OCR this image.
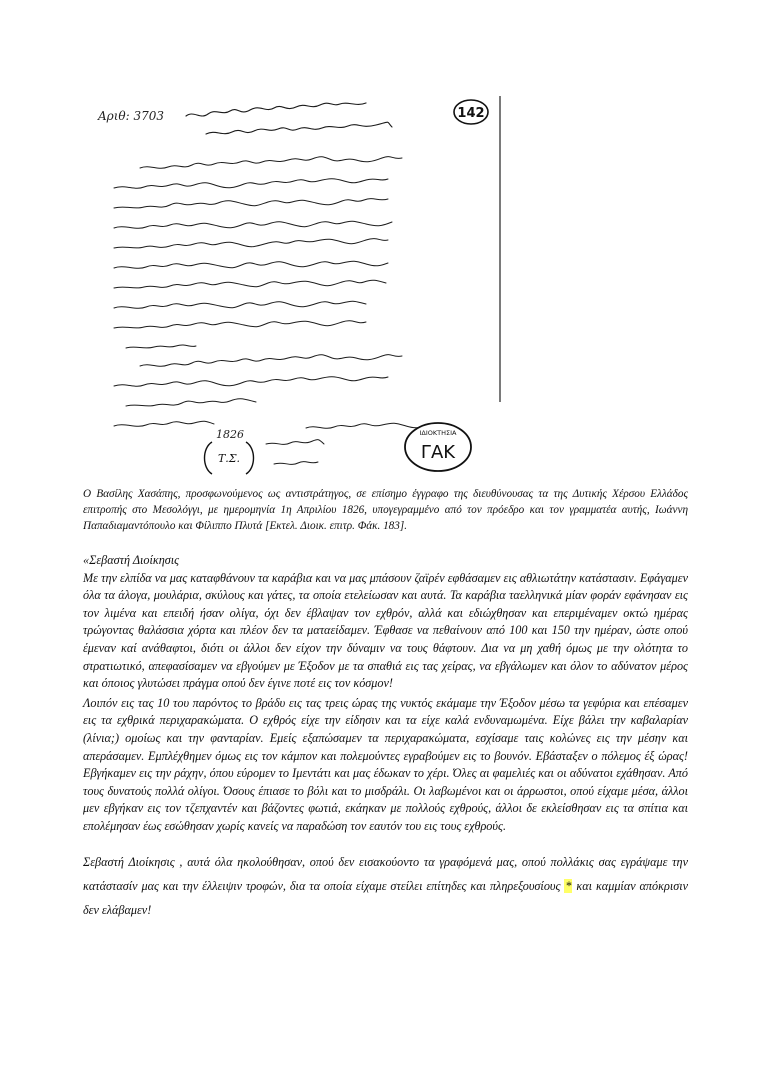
Αριθ: 3703	142
1826
Τ.Σ.
ΙΔΙΟΚΤΗΣΙΑ
ΓΑΚ
Ο Βασίλης Χασάπης, προσφωνούμενος ως αντιστράτηγος, σε επίσημο έγγραφο της διευθύνουσας τα της Δυτικής Χέρσου Ελλάδος επιτροπής στο Μεσολόγγι, με ημερομηνία 1η Απριλίου 1826, υπογεγραμμένο από τον πρόεδρο και τον γραμματέα αυτής, Ιωάννη Παπαδιαμαντόπουλο και Φίλιππο Πλυτά [Εκτελ. Διοικ. επιτρ. Φάκ. 183].

«Σεβαστή Διοίκησις

Με την ελπίδα να μας καταφθάνουν τα καράβια και να μας μπάσουν ζαϊρέν εφθάσαμεν εις αθλιωτάτην κατάστασιν. Εφάγαμεν όλα τα άλογα, μουλάρια, σκύλους και γάτες, τα οποία ετελείωσαν και αυτά. Τα καράβια ταελληνικά μίαν φοράν εφάνησαν εις τον λιμένα και επειδή ήσαν ολίγα, όχι δεν έβλαψαν τον εχθρόν, αλλά και εδιώχθησαν και επεριμέναμεν οκτώ ημέρας τρώγοντας θαλάσσια χόρτα και πλέον δεν τα ματαείδαμεν. Έφθασε να πεθαίνουν από 100 και 150 την ημέραν, ώστε οπού έμεναν καί ανάθαφτοι, διότι οι άλλοι δεν είχον την δύναμιν να τους θάφτουν. Δια να μη χαθή όμως με την ολότητα το στρατιωτικό, απεφασίσαμεν να εβγούμεν με Έξοδον με τα σπαθιά εις τας χείρας, να εβγάλωμεν και όλον το αδύνατον μέρος και όποιος γλυτώσει πράγμα οπού δεν έγινε ποτέ εις τον κόσμον!

Λοιπόν εις τας 10 του παρόντος το βράδυ εις τας τρεις ώρας της νυκτός εκάμαμε την Έξοδον μέσω τα γεφύρια και επέσαμεν εις τα εχθρικά περιχαρακώματα. Ο εχθρός είχε την είδησιν και τα είχε καλά ενδυναμωμένα. Είχε βάλει την καβαλαρίαν (λίνια;) ομοίως και την φανταρίαν. Εμείς εξαπώσαμεν τα περιχαρακώματα, εσχίσαμε ταις κολώνες εις την μέσην και απεράσαμεν. Εμπλέχθημεν όμως εις τον κάμπον και πολεμούντες εγραβούμεν εις το βουνόν. Εβάσταξεν ο πόλεμος έξ ώρας! Εβγήκαμεν εις την ράχην, όπου εύρομεν το Ιμεντάτι και μας έδωκαν το χέρι. Όλες αι φαμελιές και οι αδύνατοι εχάθησαν. Από τους δυνατούς πολλά ολίγοι. Όσους έπιασε το βόλι και το μισδράλι. Οι λαβωμένοι και οι άρρωστοι, οπού είχαμε μέσα, άλλοι μεν εβγήκαν εις τον τζεπχαντέν και βάζοντες φωτιά, εκάηκαν με πολλούς εχθρούς, άλλοι δε εκλείσθησαν εις τα σπίτια και επολέμησαν έως εσώθησαν χωρίς κανείς να παραδώση τον εαυτόν του εις τους εχθρούς.

Σεβαστή Διοίκησις , αυτά όλα ηκολούθησαν, οπού δεν εισακούοντο τα γραφόμενά μας, οπού πολλάκις σας εγράψαμε την κατάστασίν μας και την έλλειψιν τροφών, δια τα οποία είχαμε στείλει επίτηδες και πληρεξουσίους * και καμμίαν απόκρισιν δεν ελάβαμεν!
